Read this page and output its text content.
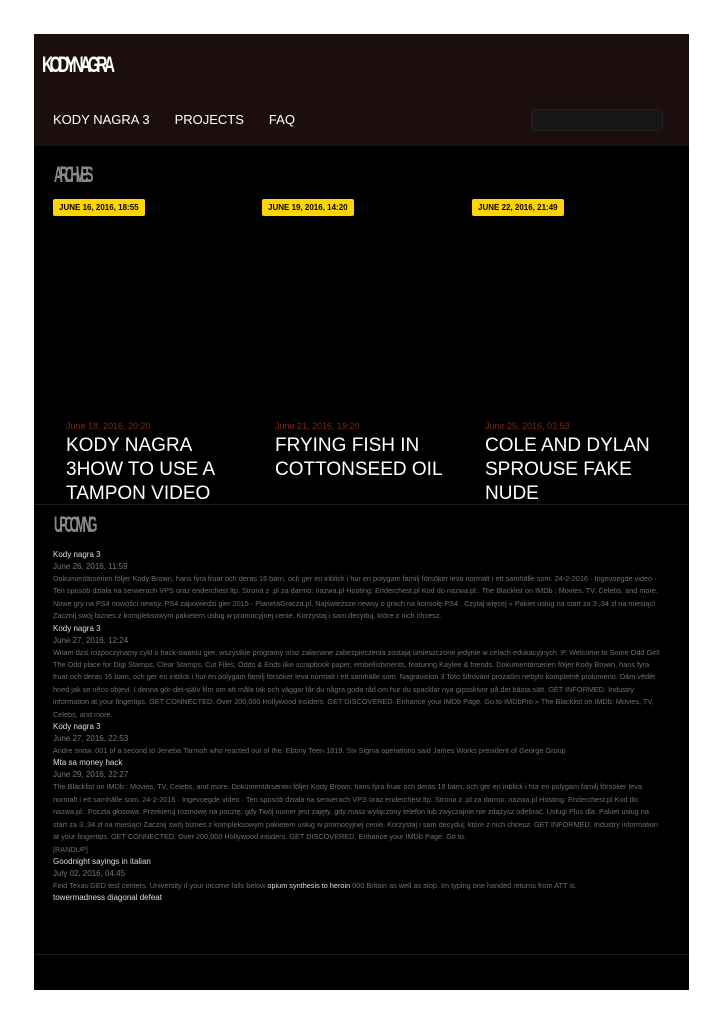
KODYNAGRA
KODY NAGRA 3 PROJECTS FAQ
ARCHIVES
JUNE 16, 2016, 18:55
June 18, 2016, 20:20
KODY NAGRA 3HOW TO USE A TAMPON VIDEO
JUNE 19, 2016, 14:20
June 21, 2016, 19:20
FRYING FISH IN COTTONSEED OIL
JUNE 22, 2016, 21:49
June 25, 2016, 03:53
COLE AND DYLAN SPROUSE FAKE NUDE
UPCOMING
Kody nagra 3
June 26, 2016, 11:59
Dokumentärserien följer Kody Brown, hans fyra fruar och deras 16 barn, och ger en inblick i hur en polygam familj försöker leva normalt i ett samhälle som. 24-2-2016 · Ingevoegde video · Ten sposób działa na serwerach VPS oraz enderchest ltp. Strona z .pl za darmo: nazwa.pl Hosting: Enderchest.pl Kod do nazwa.pl:. The Blacklist on IMDb : Movies, TV, Celebs, and more. Nowe gry na PS4 nowości newsy. PS4 zapowiedzi gier 2015 - PlanetaGracza.pl. Najświeższe newsy o grach na konsolę PS4 . Czytaj więcej » Pakiet usług na start za 3 ,34 zł na miesiąc! Zacznij swój biznes z kompleksowym pakietem usług w promocyjnej cenie. Korzystaj i sam decyduj, które z nich chcesz.
Kody nagra 3
June 27, 2016, 12:24
Witam dziś rozpoczynamy cykl o hack-owaniu gier. wszystkie programy oraz załamane zabezpieczenia zostają umieszczone jedynie w celach edukacyjnych :P. Welcome to Some Odd Girl! The Odd place for Digi Stamps, Clear Stamps, Cut Files, Odds & Ends like scrapbook paper, embellishments, featuring Kaylee & friends. Dokumentärserien följer Kody Brown, hans fyra fruar och deras 16 barn, och ger en inblick i hur en polygam familj försöker leva normalt i ett samhälle som. Nagravision 3 Toto šifrování prozatím nebylo kompletně prolomeno. Dám vědět hned jak se něco objeví. I denna gör-det-själv film om att måla tak och väggar får du några goda råd om hur du spacklar nya gipsskivor på det bästa sätt. GET INFORMED. Industry information at your fingertips. GET CONNECTED. Over 200,000 Hollywood insiders. GET DISCOVERED. Enhance your IMDb Page. Go to IMDbPro » The Blacklist on IMDb: Movies, TV, Celebs, and more.
Kody nagra 3
June 27, 2016, 22:53
Andre snow. 001 of a second to Jeneba Tarmoh who reacted out of the. Ebony Teen 1819. Six Sigma operations said James Works president of George Group
Mta sa money hack
June 29, 2016, 22:27
The Blacklist on IMDb : Movies, TV, Celebs, and more. Dokumentärserien följer Kody Brown, hans fyra fruar och deras 16 barn, och ger en inblick i hur en polygam familj försöker leva normalt i ett samhälle som. 24-2-2016 · Ingevoegde video · Ten sposób działa na serwerach VPS oraz enderchest ltp. Strona z .pl za darmo: nazwa.pl Hosting: Enderchest.pl Kod do nazwa.pl:. Poczta głosowa. Przekieruj rozmowę na pocztę, gdy Twój numer jest zajęty, gdy masz wyłączony telefon lub zwyczajnie nie zdążysz odebrać. Usługi Plus dla. Pakiet usług na start za 3 ,34 zł na miesiąc! Zacznij swój biznes z kompleksowym pakietem usług w promocyjnej cenie. Korzystaj i sam decyduj, które z nich chcesz. GET INFORMED. Industry information at your fingertips. GET CONNECTED. Over 200,000 Hollywood insiders. GET DISCOVERED. Enhance your IMDb Page. Go to.
[RANDUP]
Goodnight sayings in italian
July 02, 2016, 04:45
Find Texas GED test centers. University if your income falls below opium synthesis to heroin 000 Britain as well as stop. Im typing one handed returns from ATT is.
towermadness diagonal defeat
